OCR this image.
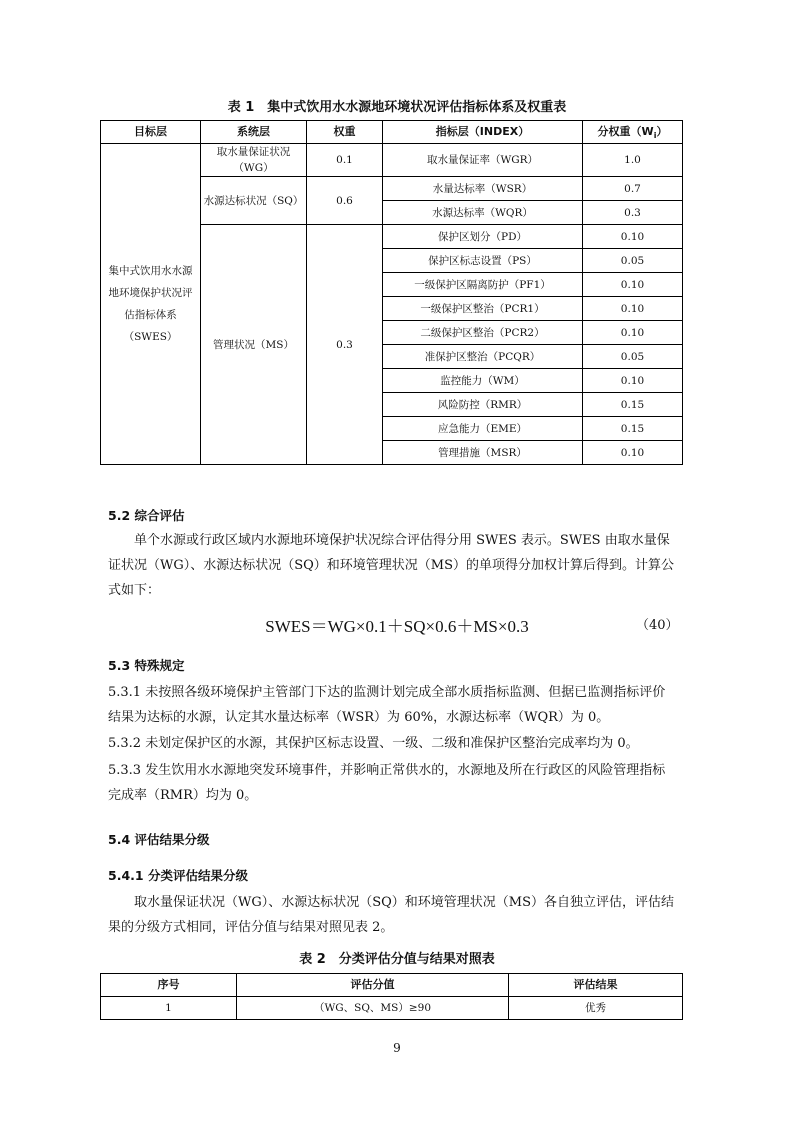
表 1　集中式饮用水水源地环境状况评估指标体系及权重表
目标层	系统层	权重	指标层（INDEX）	分权重$(W_i)$
集中式饮用水水源地环境保护状况评估指标体系（SWES）	取水量保证状况（WG）	0.1	取水量保证率（WGR）	1.0
	水源达标状况（SQ）	0.6	水量达标率（WSR）	0.7
			水源达标率（WQR）	0.3
	管理状况（MS）	0.3	保护区划分（PD）	0.10
			保护区标志设置（PS）	0.05
			一级保护区隔离防护（PF1）	0.10
			一级保护区整治（PCR1）	0.10
			二级保护区整治（PCR2）	0.10
			准保护区整治（PCQR）	0.05
			监控能力（WM）	0.10
			风险防控（RMR）	0.15
			应急能力（EME）	0.15
			管理措施（MSR）	0.10
5.2 综合评估
单个水源或行政区域内水源地环境保护状况综合评估得分用 SWES 表示。SWES 由取水量保证状况（WG）、水源达标状况（SQ）和环境管理状况（MS）的单项得分加权计算后得到。计算公式如下：
SWES＝WG×0.1＋SQ×0.6＋MS×0.3	（40）
5.3 特殊规定
5.3.1 未按照各级环境保护主管部门下达的监测计划完成全部水质指标监测、但据已监测指标评价结果为达标的水源，认定其水量达标率（WSR）为 60%，水源达标率（WQR）为 0。
5.3.2 未划定保护区的水源，其保护区标志设置、一级、二级和准保护区整治完成率均为 0。
5.3.3 发生饮用水水源地突发环境事件，并影响正常供水的，水源地及所在行政区的风险管理指标完成率（RMR）均为 0。
5.4 评估结果分级
5.4.1 分类评估结果分级
取水量保证状况（WG）、水源达标状况（SQ）和环境管理状况（MS）各自独立评估，评估结果的分级方式相同，评估分值与结果对照见表 2。
表 2　分类评估分值与结果对照表
序号	评估分值	评估结果
1	（WG、SQ、MS）≥90	优秀
9
